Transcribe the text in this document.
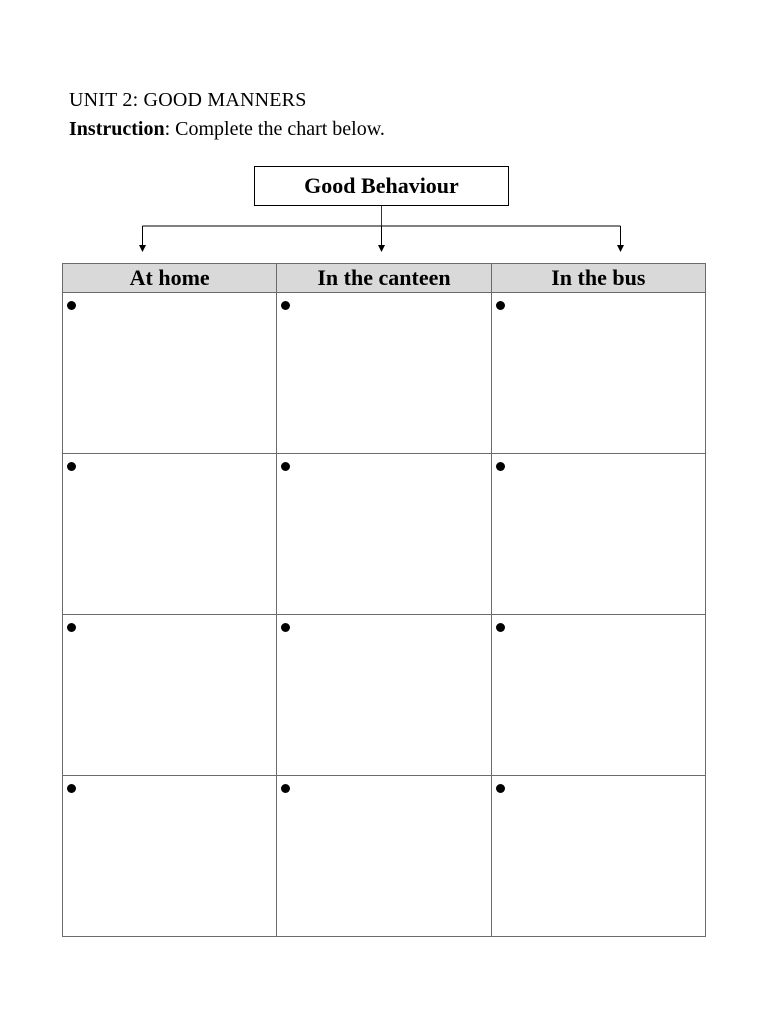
UNIT 2: GOOD MANNERS
Instruction: Complete the chart below.
Good Behaviour
At home	In the canteen	In the bus
